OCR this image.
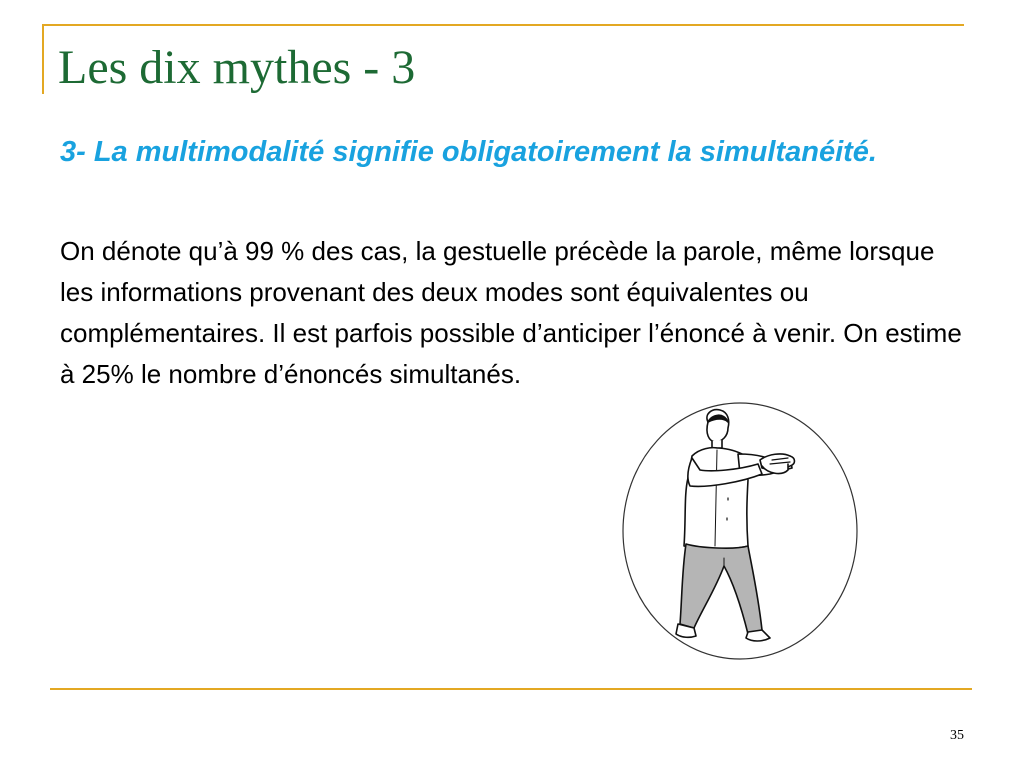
Les dix mythes - 3

3- La multimodalité signifie obligatoirement la simultanéité.

On dénote qu’à 99 % des cas, la gestuelle précède la parole, même lorsque les informations provenant des deux modes sont équivalentes ou complémentaires. Il est parfois possible d’anticiper l’énoncé à venir. On estime à 25% le nombre d’énoncés simultanés.

35
